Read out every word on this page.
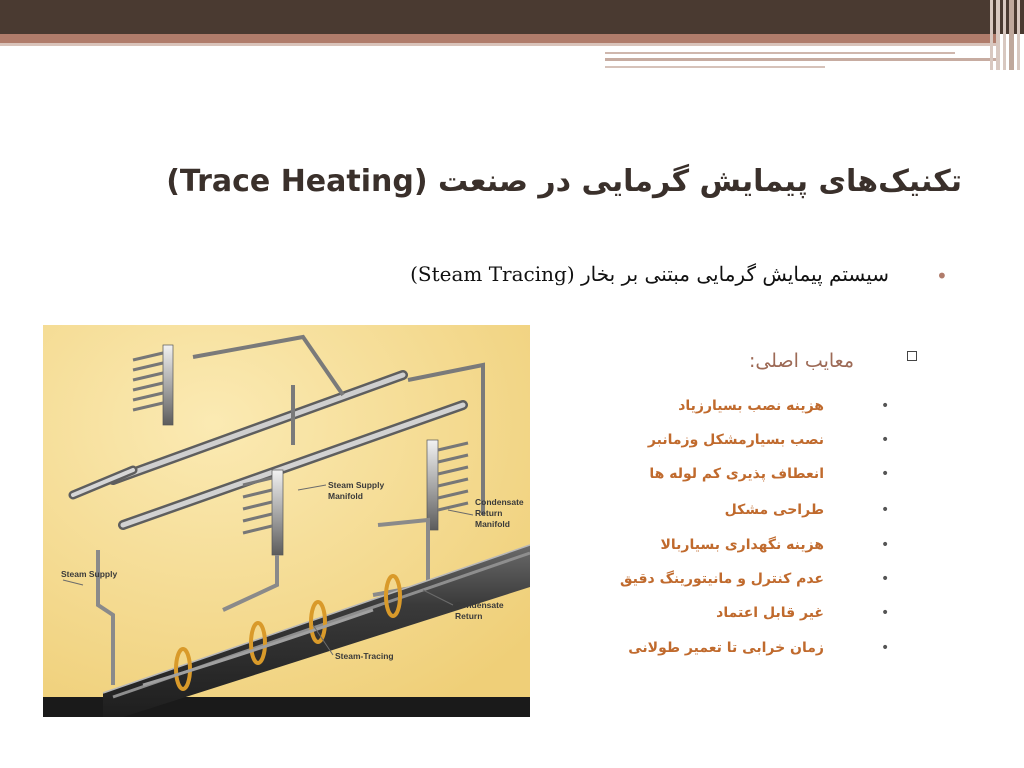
تکنیک‌های پیمایش گرمایی در صنعت (Trace Heating)
•
سیستم پیمایش گرمایی مبتنی بر بخار (Steam Tracing)
معایب اصلی:
•
هزینه نصب بسیارزیاد
•
نصب بسیارمشکل وزمانبر
•
انعطاف پذیری کم لوله ها
•
طراحی مشکل
•
هزینه نگهداری بسیاربالا
•
عدم کنترل و مانیتورینگ دقیق
•
غیر قابل اعتماد
•
زمان خرابی تا تعمیر طولانی
Steam Supply
Manifold
Condensate
Return
Manifold
Steam Supply
Condensate
Return
Steam-Tracing
